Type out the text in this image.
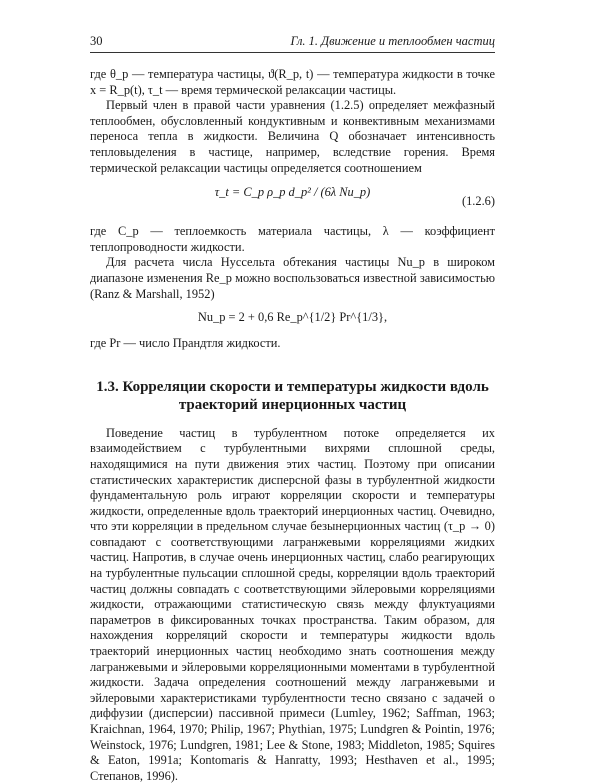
30	Гл. 1. Движение и теплообмен частиц

где θ_p — температура частицы, ϑ(R_p, t) — температура жидкости в точке x = R_p(t), τ_t — время термической релаксации частицы.

Первый член в правой части уравнения (1.2.5) определяет межфазный теплообмен, обусловленный кондуктивным и конвективным механизмами переноса тепла в жидкости. Величина Q обозначает интенсивность тепловыделения в частице, например, вследствие горения. Время термической релаксации частицы определяется соотношением

τ_t = C_p ρ_p d_p² / (6λ Nu_p)
(1.2.6)

где C_p — теплоемкость материала частицы, λ — коэффициент теплопроводности жидкости.

Для расчета числа Нуссельта обтекания частицы Nu_p в широком диапазоне изменения Re_p можно воспользоваться известной зависимостью (Ranz & Marshall, 1952)

Nu_p = 2 + 0,6 Re_p^{1/2} Pr^{1/3},

где Pr — число Прандтля жидкости.

1.3. Корреляции скорости и температуры жидкости вдоль траекторий инерционных частиц

Поведение частиц в турбулентном потоке определяется их взаимодействием с турбулентными вихрями сплошной среды, находящимися на пути движения этих частиц. Поэтому при описании статистических характеристик дисперсной фазы в турбулентной жидкости фундаментальную роль играют корреляции скорости и температуры жидкости, определенные вдоль траекторий инерционных частиц. Очевидно, что эти корреляции в предельном случае безынерционных частиц (τ_p → 0) совпадают с соответствующими лагранжевыми корреляциями жидких частиц. Напротив, в случае очень инерционных частиц, слабо реагирующих на турбулентные пульсации сплошной среды, корреляции вдоль траекторий частиц должны совпадать с соответствующими эйлеровыми корреляциями жидкости, отражающими статистическую связь между флуктуациями параметров в фиксированных точках пространства. Таким образом, для нахождения корреляций скорости и температуры жидкости вдоль траекторий инерционных частиц необходимо знать соотношения между лагранжевыми и эйлеровыми корреляционными моментами в турбулентной жидкости. Задача определения соотношений между лагранжевыми и эйлеровыми характеристиками турбулентности тесно связано с задачей о диффузии (дисперсии) пассивной примеси (Lumley, 1962; Saffman, 1963; Kraichnan, 1964, 1970; Philip, 1967; Phythian, 1975; Lundgren & Pointin, 1976; Weinstock, 1976; Lundgren, 1981; Lee & Stone, 1983; Middleton, 1985; Squires & Eaton, 1991a; Kontomaris & Hanratty, 1993; Hesthaven et al., 1995; Степанов, 1996).
